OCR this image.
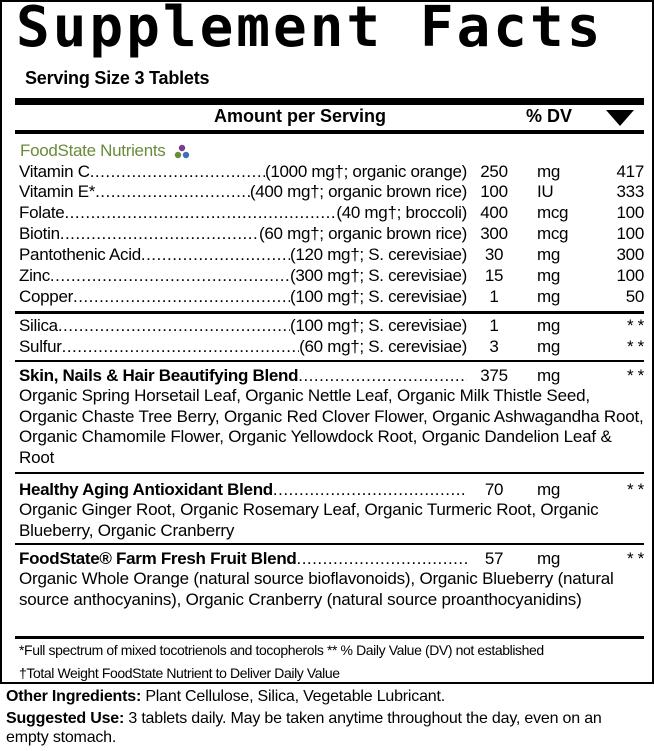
Supplement Facts
Serving Size 3 Tablets
Amount per Serving	% DV
FoodState Nutrients
Vitamin C .....	(1000 mg†; organic orange) 250	mg	417
Vitamin E* .....	(400 mg†; organic brown rice) 100	IU	333
Folate .....	(40 mg†; broccoli) 400	mcg	100
Biotin .....	(60 mg†; organic brown rice) 300	mcg	100
Pantothenic Acid .....	(120 mg†; S. cerevisiae)	30	mg	300
Zinc .....	(300 mg†; S. cerevisiae)	15	mg	100
Copper .....	(100 mg†; S. cerevisiae)	1	mg	50
Silica .....	(100 mg†; S. cerevisiae)	1	mg	* *
Sulfur .....	(60 mg†; S. cerevisiae)	3	mg	* *
Skin, Nails & Hair Beautifying Blend .....	375	mg	* *
Organic Spring Horsetail Leaf, Organic Nettle Leaf, Organic Milk Thistle Seed, Organic Chaste Tree Berry, Organic Red Clover Flower, Organic Ashwagandha Root, Organic Chamomile Flower, Organic Yellowdock Root, Organic Dandelion Leaf & Root
Healthy Aging Antioxidant Blend .....	70	mg	* *
Organic Ginger Root, Organic Rosemary Leaf, Organic Turmeric Root, Organic Blueberry, Organic Cranberry
FoodState® Farm Fresh Fruit Blend .....	57	mg	* *
Organic Whole Orange (natural source bioflavonoids), Organic Blueberry (natural source anthocyanins), Organic Cranberry (natural source proanthocyanidins)
*Full spectrum of mixed tocotrienols and tocopherols ** % Daily Value (DV) not established
†Total Weight FoodState Nutrient to Deliver Daily Value
Other Ingredients: Plant Cellulose, Silica, Vegetable Lubricant.
Suggested Use: 3 tablets daily. May be taken anytime throughout the day, even on an empty stomach.
